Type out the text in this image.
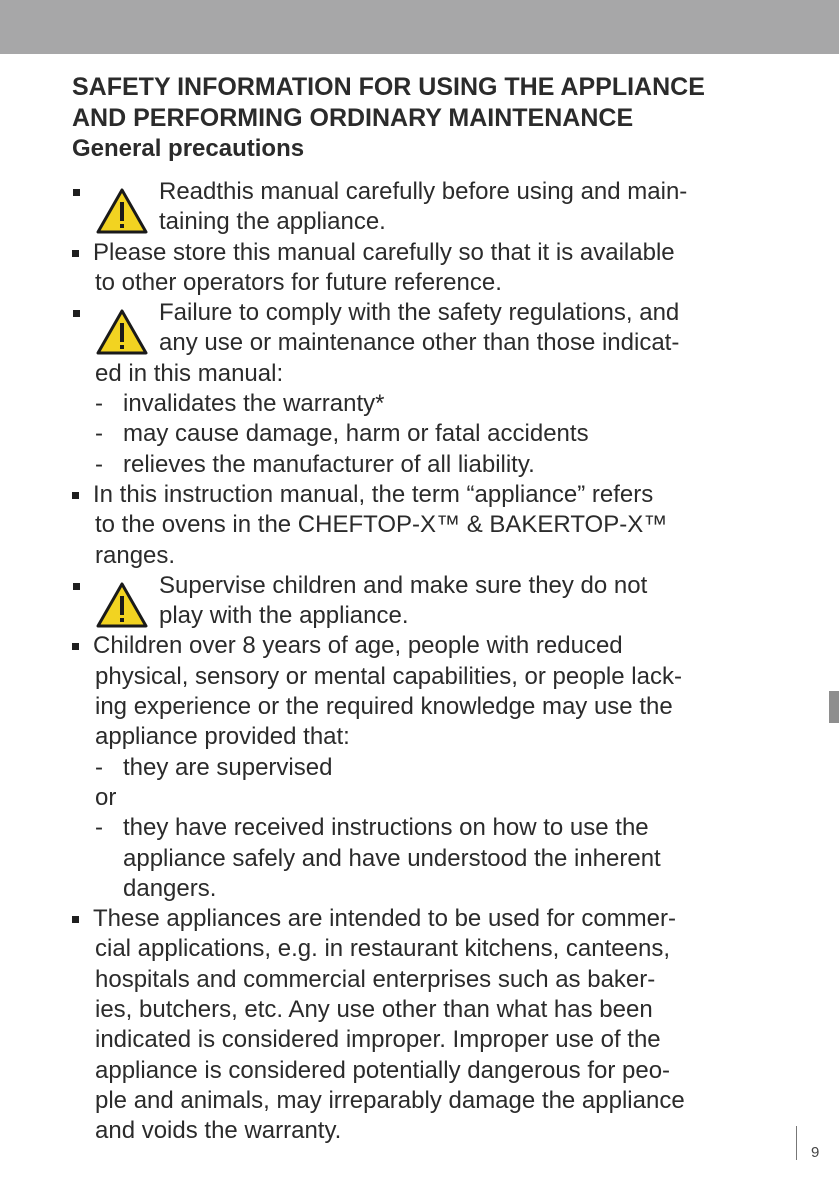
SAFETY INFORMATION FOR USING THE APPLIANCE
AND PERFORMING ORDINARY MAINTENANCE
General precautions
Readthis manual carefully before using and main-
taining the appliance.
Please store this manual carefully so that it is available
to other operators for future reference.
Failure to comply with the safety regulations, and
any use or maintenance other than those indicat-
ed in this manual:
- invalidates the warranty*
- may cause damage, harm or fatal accidents
- relieves the manufacturer of all liability.
In this instruction manual, the term “appliance” refers
to the ovens in the CHEFTOP-X™ & BAKERTOP-X™
ranges.
Supervise children and make sure they do not
play with the appliance.
Children over 8 years of age, people with reduced
physical, sensory or mental capabilities, or people lack-
ing experience or the required knowledge may use the
appliance provided that:
- they are supervised
or
- they have received instructions on how to use the
appliance safely and have understood the inherent
dangers.
These appliances are intended to be used for commer-
cial applications, e.g. in restaurant kitchens, canteens,
hospitals and commercial enterprises such as baker-
ies, butchers, etc. Any use other than what has been
indicated is considered improper. Improper use of the
appliance is considered potentially dangerous for peo-
ple and animals, may irreparably damage the appliance
and voids the warranty.
9
